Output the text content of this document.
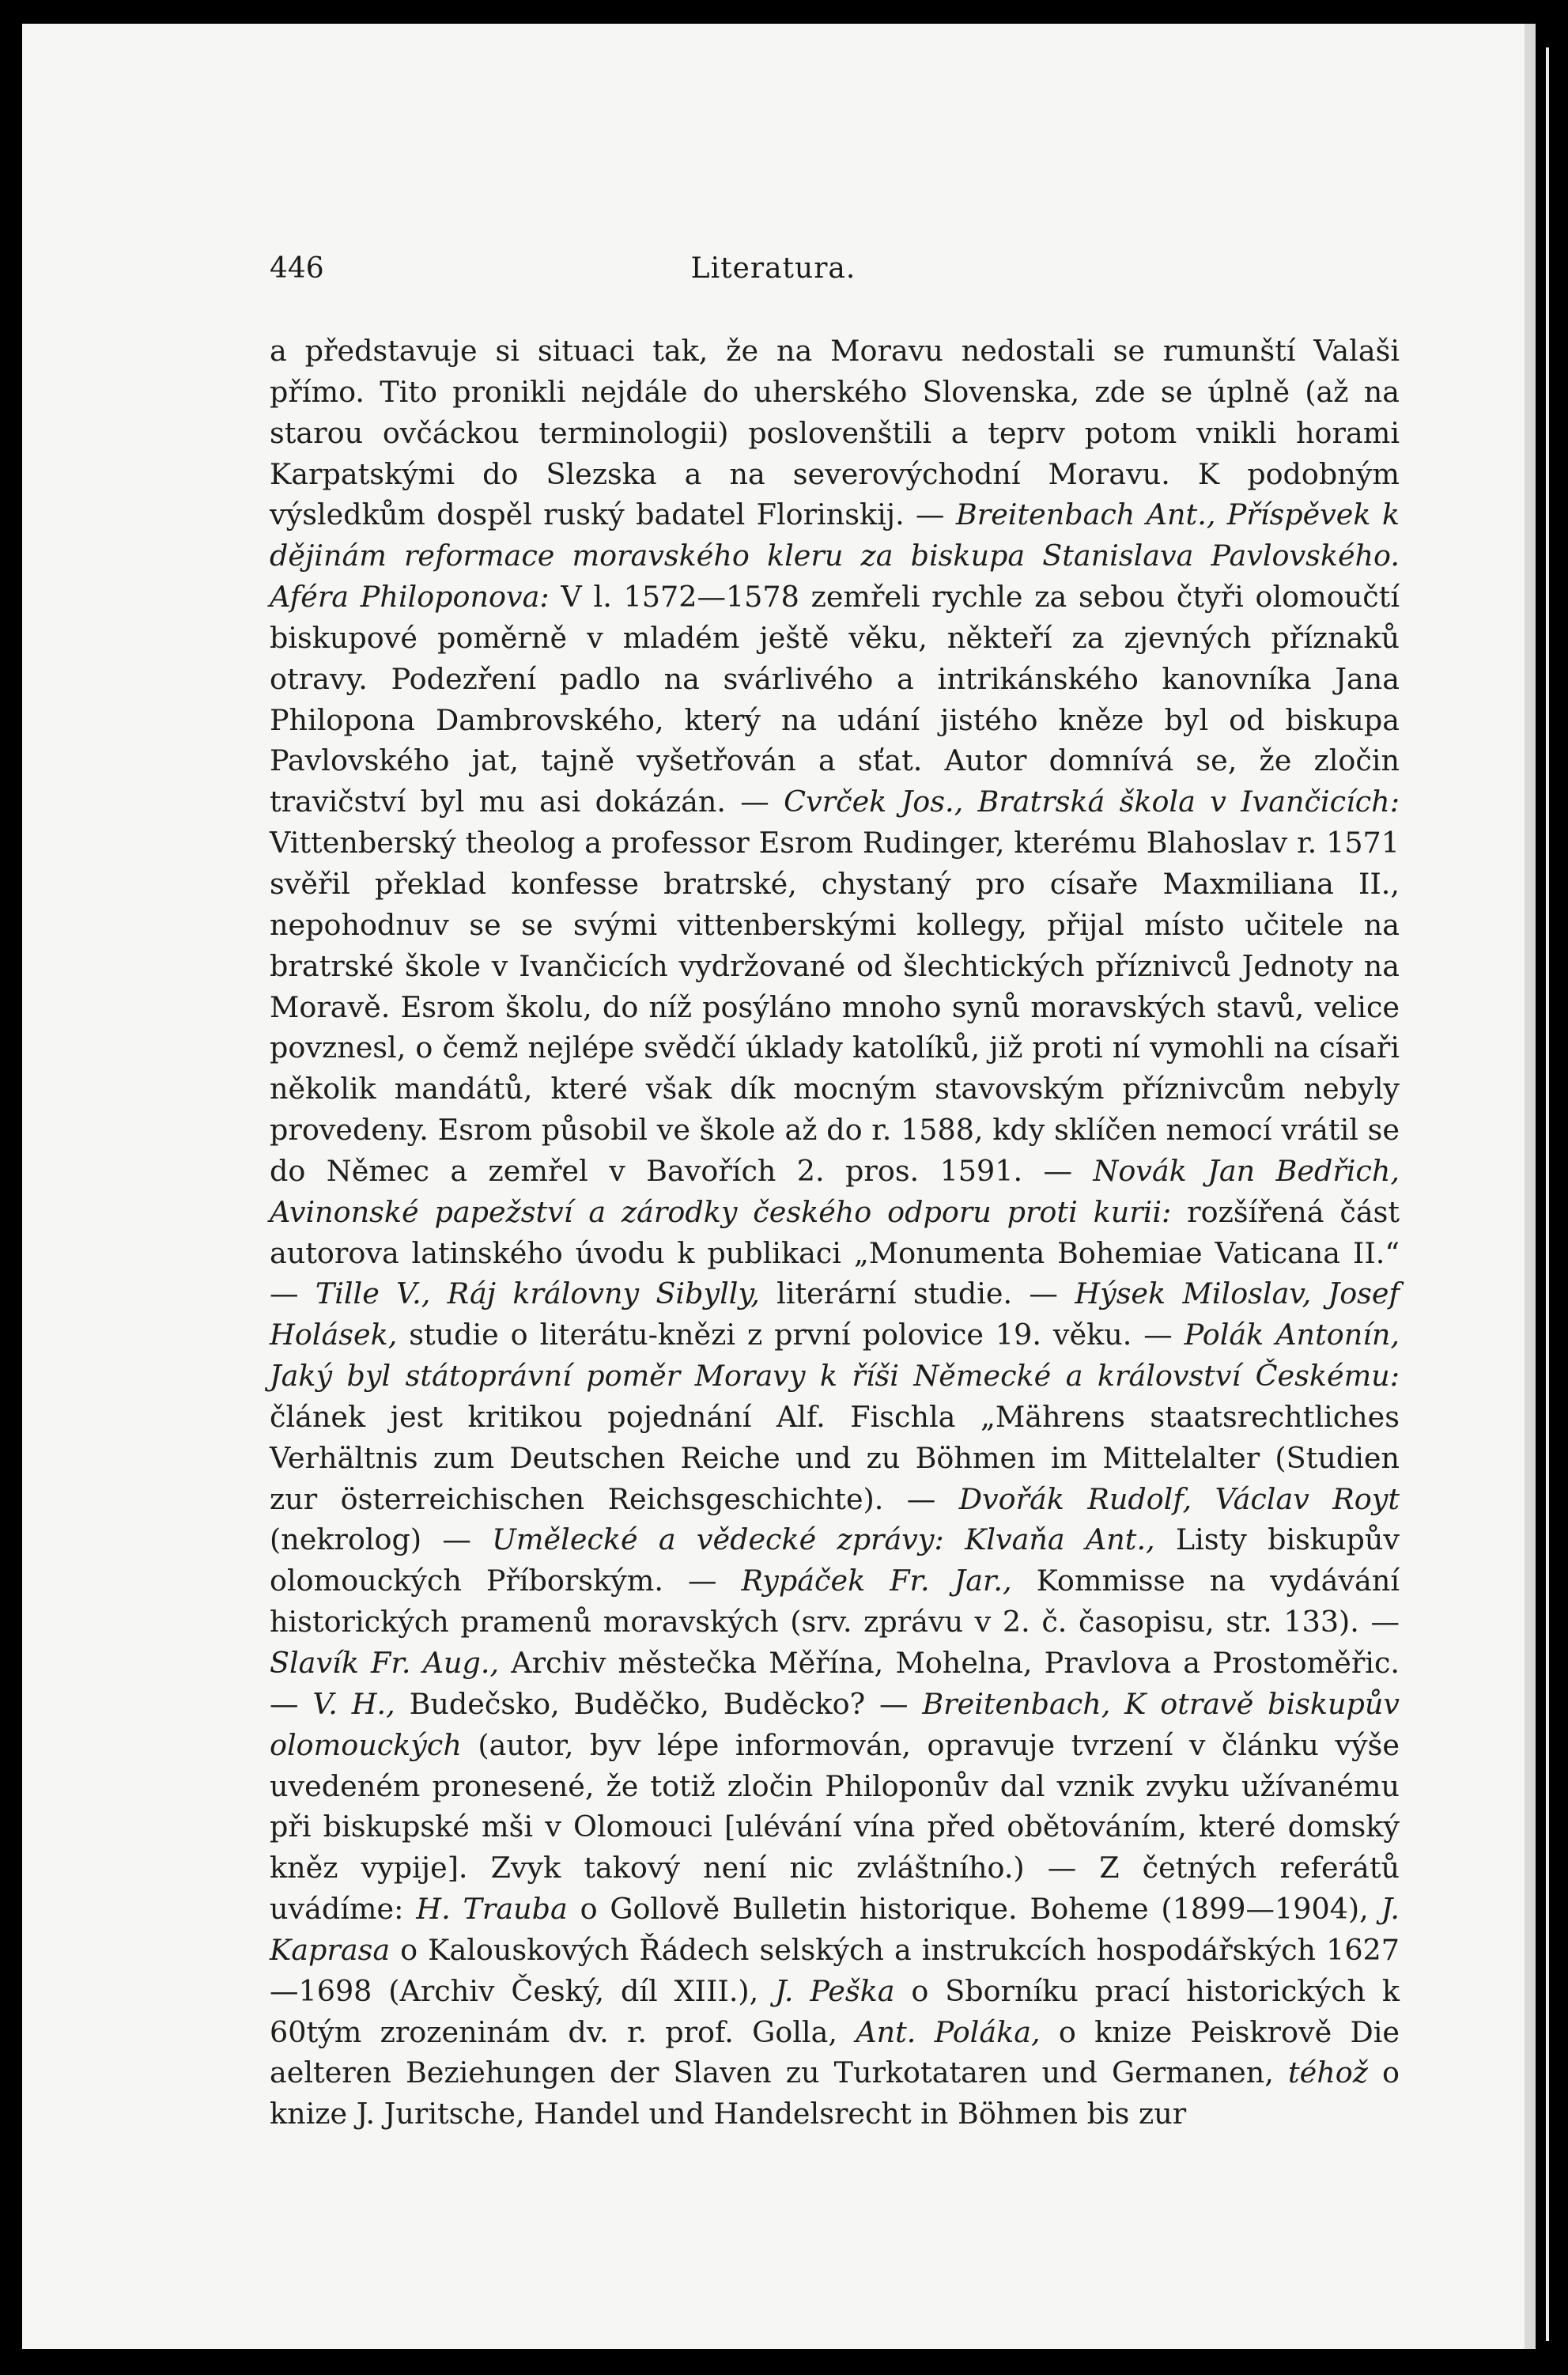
446	Literatura.

a představuje si situaci tak, že na Moravu nedostali se rumunští Valaši přímo. Tito pronikli nejdále do uherského Slovenska, zde se úplně (až na starou ovčáckou terminologii) poslovenštili a teprv potom vnikli horami Karpatskými do Slezska a na severovýchodní Moravu. K podobným výsledkům dospěl ruský badatel Florinskij. — Breitenbach Ant., Příspěvek k dějinám reformace moravského kleru za biskupa Stanislava Pavlovského. Aféra Philoponova: V l. 1572—1578 zemřeli rychle za sebou čtyři olomoučtí biskupové poměrně v mladém ještě věku, někteří za zjevných příznaků otravy. Podezření padlo na svárlivého a intrikánského kanovníka Jana Philopona Dambrovského, který na udání jistého kněze byl od biskupa Pavlovského jat, tajně vyšetřován a sťat. Autor domnívá se, že zločin travičství byl mu asi dokázán. — Cvrček Jos., Bratrská škola v Ivančicích: Vittenberský theolog a professor Esrom Rudinger, kterému Blahoslav r. 1571 svěřil překlad konfesse bratrské, chystaný pro císaře Maxmiliana II., nepohodnuv se se svými vittenberskými kollegy, přijal místo učitele na bratrské škole v Ivančicích vydržované od šlechtických příznivců Jednoty na Moravě. Esrom školu, do níž posýláno mnoho synů moravských stavů, velice povznesl, o čemž nejlépe svědčí úklady katolíků, již proti ní vymohli na císaři několik mandátů, které však dík mocným stavovským příznivcům nebyly provedeny. Esrom působil ve škole až do r. 1588, kdy sklíčen nemocí vrátil se do Němec a zemřel v Bavořích 2. pros. 1591. — Novák Jan Bedřich, Avinonské papežství a zárodky českého odporu proti kurii: rozšířená část autorova latinského úvodu k publikaci „Monumenta Bohemiae Vaticana II.“ — Tille V., Ráj královny Sibylly, literární studie. — Hýsek Miloslav, Josef Holásek, studie o literátu-knězi z první polovice 19. věku. — Polák Antonín, Jaký byl státoprávní poměr Moravy k říši Německé a království Českému: článek jest kritikou pojednání Alf. Fischla „Mährens staatsrechtliches Verhältnis zum Deutschen Reiche und zu Böhmen im Mittelalter (Studien zur österreichischen Reichsgeschichte). — Dvořák Rudolf, Václav Royt (nekrolog) — Umělecké a vědecké zprávy: Klvaňa Ant., Listy biskupův olomouckých Příborským. — Rypáček Fr. Jar., Kommisse na vydávání historických pramenů moravských (srv. zprávu v 2. č. časopisu, str. 133). — Slavík Fr. Aug., Archiv městečka Měřína, Mohelna, Pravlova a Prostoměřic. — V. H., Budečsko, Buděčko, Buděcko? — Breitenbach, K otravě biskupův olomouckých (autor, byv lépe informován, opravuje tvrzení v článku výše uvedeném pronesené, že totiž zločin Philoponův dal vznik zvyku užívanému při biskupské mši v Olomouci [ulévání vína před obětováním, které domský kněz vypije]. Zvyk takový není nic zvláštního.) — Z četných referátů uvádíme: H. Trauba o Gollově Bulletin historique. Boheme (1899—1904), J. Kaprasa o Kalouskových Řádech selských a instrukcích hospodářských 1627—1698 (Archiv Český, díl XIII.), J. Peška o Sborníku prací historických k 60tým zrozeninám dv. r. prof. Golla, Ant. Poláka, o knize Peiskrově Die aelteren Beziehungen der Slaven zu Turkotataren und Germanen, téhož o knize J. Juritsche, Handel und Handelsrecht in Böhmen bis zur
